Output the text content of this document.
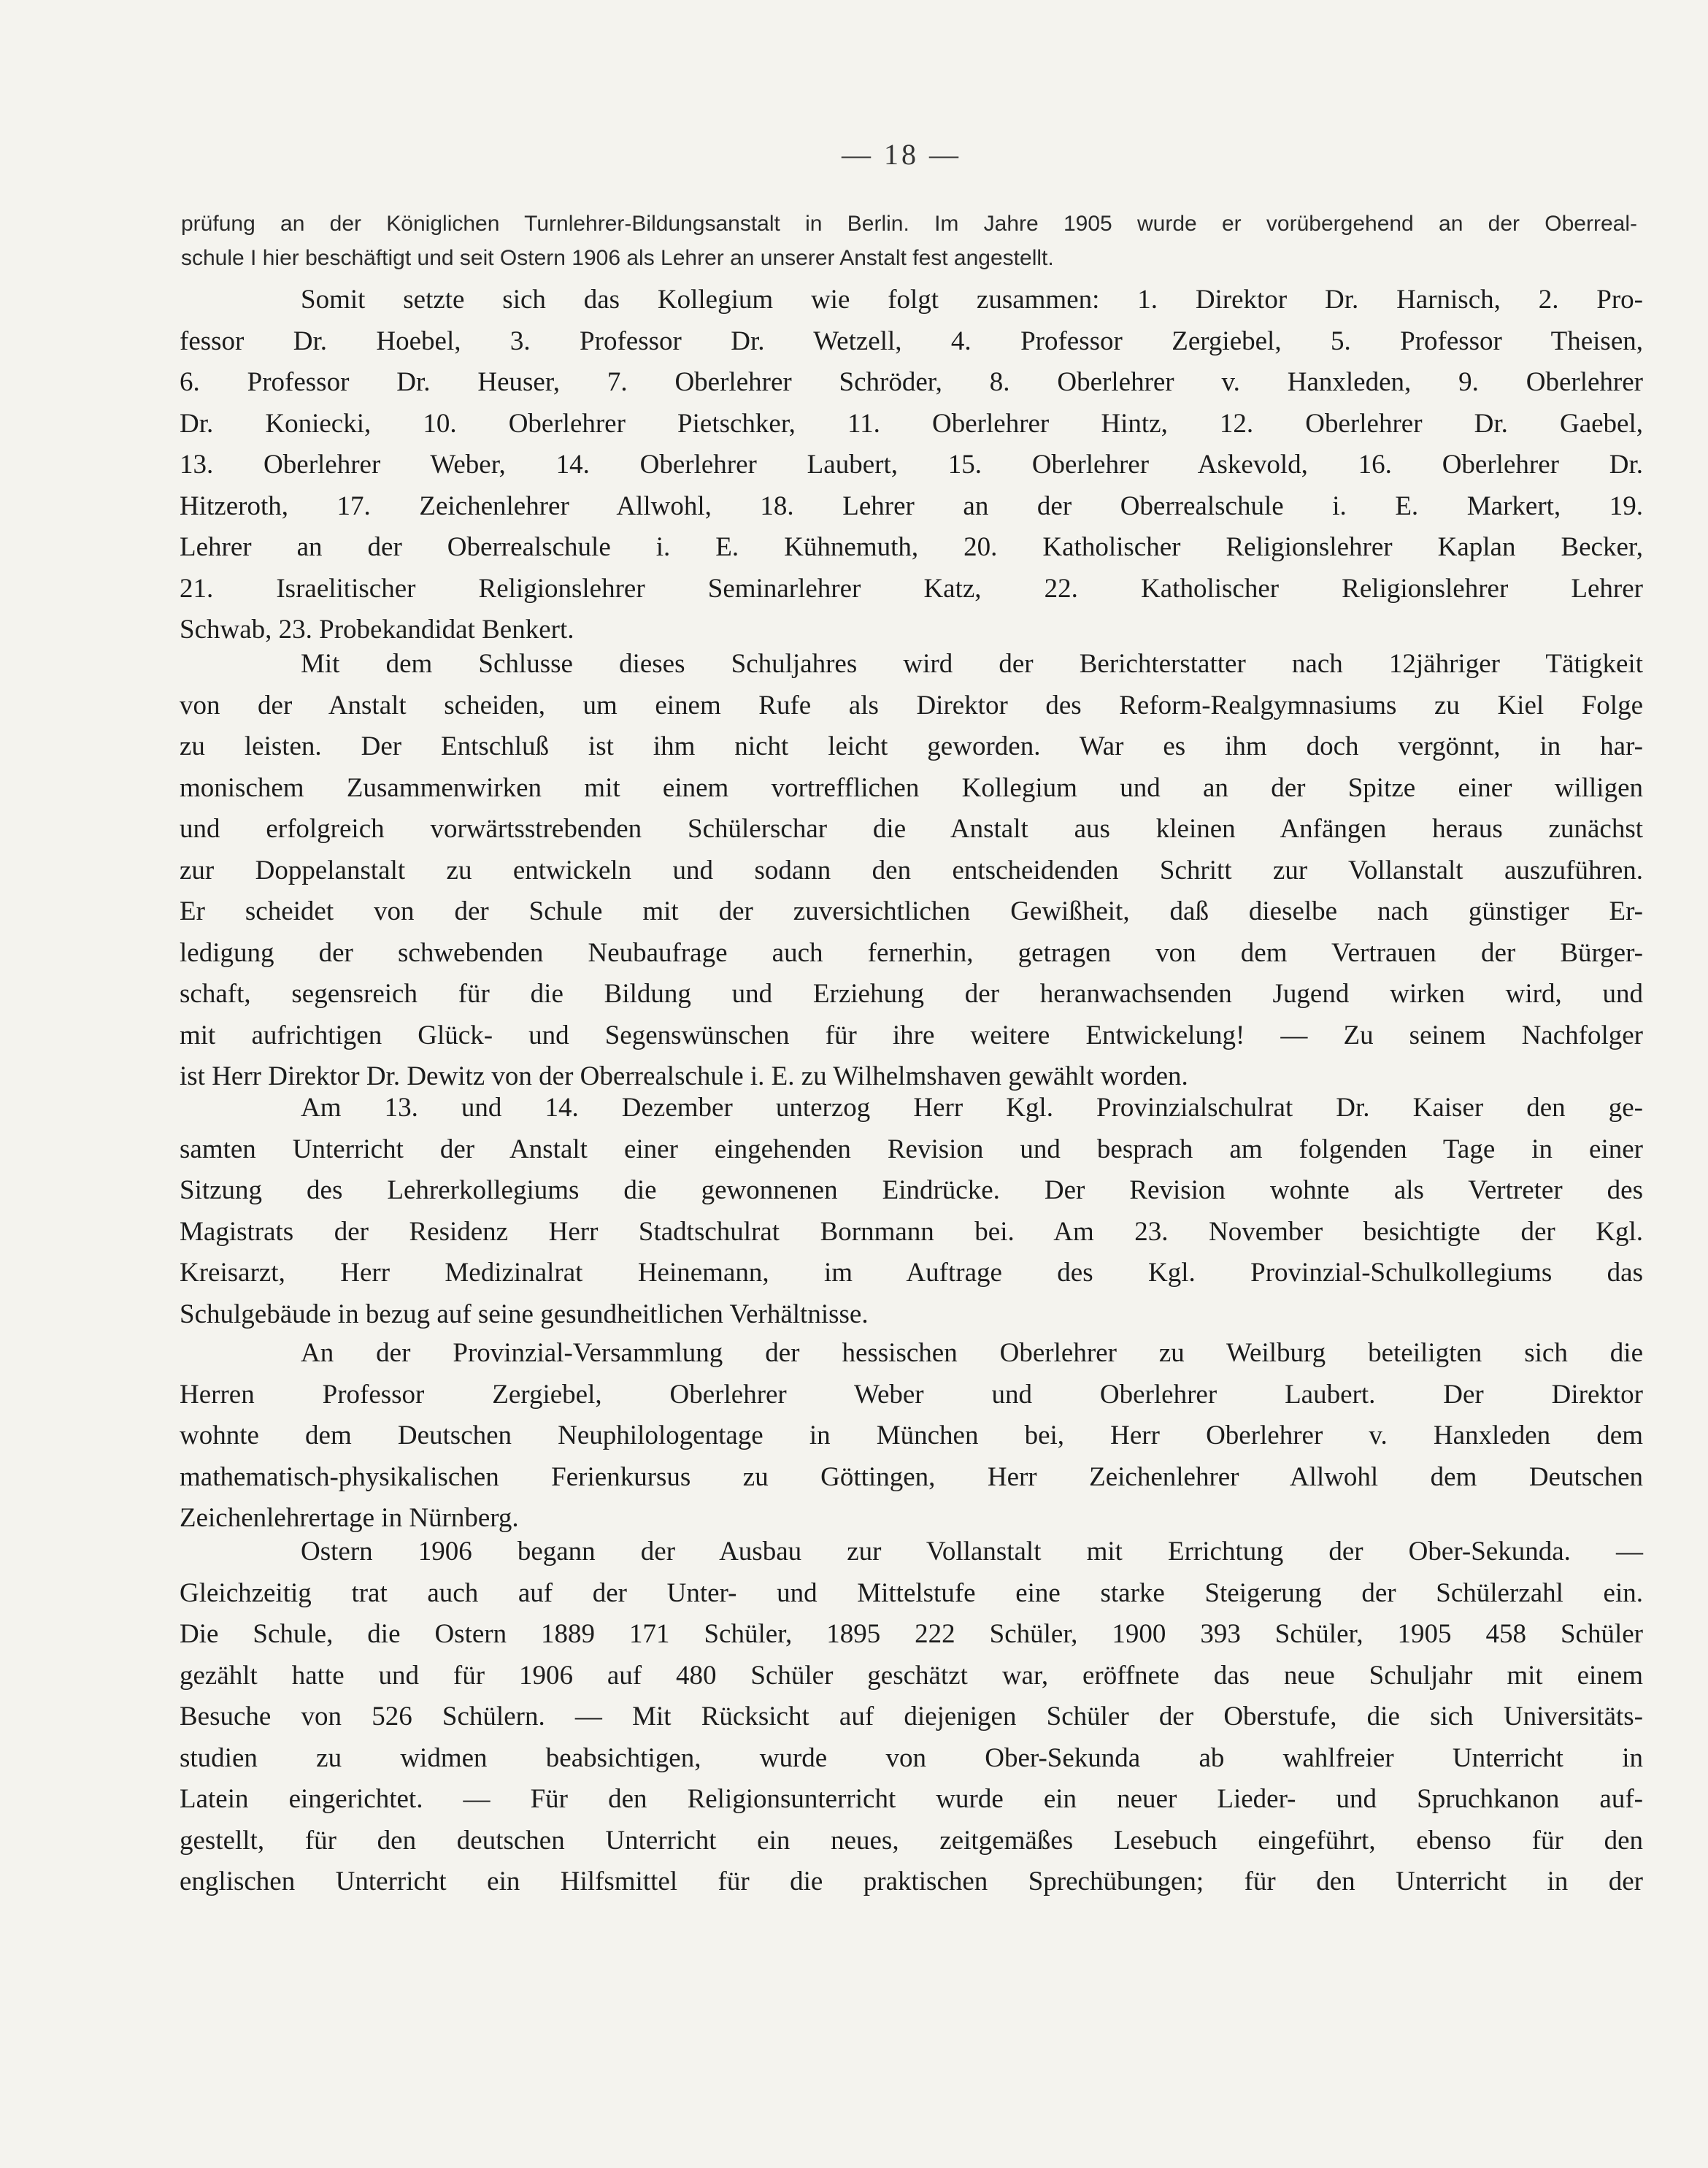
— 18 —
prüfung an der Königlichen Turnlehrer-Bildungsanstalt in Berlin. Im Jahre 1905 wurde er vorübergehend an der Oberreal-
schule I hier beschäftigt und seit Ostern 1906 als Lehrer an unserer Anstalt fest angestellt.
Somit setzte sich das Kollegium wie folgt zusammen: 1. Direktor Dr. Harnisch, 2. Pro-
fessor Dr. Hoebel, 3. Professor Dr. Wetzell, 4. Professor Zergiebel, 5. Professor Theisen,
6. Professor Dr. Heuser, 7. Oberlehrer Schröder, 8. Oberlehrer v. Hanxleden, 9. Oberlehrer
Dr. Koniecki, 10. Oberlehrer Pietschker, 11. Oberlehrer Hintz, 12. Oberlehrer Dr. Gaebel,
13. Oberlehrer Weber, 14. Oberlehrer Laubert, 15. Oberlehrer Askevold, 16. Oberlehrer Dr.
Hitzeroth, 17. Zeichenlehrer Allwohl, 18. Lehrer an der Oberrealschule i. E. Markert, 19.
Lehrer an der Oberrealschule i. E. Kühnemuth, 20. Katholischer Religionslehrer Kaplan Becker,
21. Israelitischer Religionslehrer Seminarlehrer Katz, 22. Katholischer Religionslehrer Lehrer
Schwab, 23. Probekandidat Benkert.
Mit dem Schlusse dieses Schuljahres wird der Berichterstatter nach 12jähriger Tätigkeit
von der Anstalt scheiden, um einem Rufe als Direktor des Reform-Realgymnasiums zu Kiel Folge
zu leisten. Der Entschluß ist ihm nicht leicht geworden. War es ihm doch vergönnt, in har-
monischem Zusammenwirken mit einem vortrefflichen Kollegium und an der Spitze einer willigen
und erfolgreich vorwärtsstrebenden Schülerschar die Anstalt aus kleinen Anfängen heraus zunächst
zur Doppelanstalt zu entwickeln und sodann den entscheidenden Schritt zur Vollanstalt auszuführen.
Er scheidet von der Schule mit der zuversichtlichen Gewißheit, daß dieselbe nach günstiger Er-
ledigung der schwebenden Neubaufrage auch fernerhin, getragen von dem Vertrauen der Bürger-
schaft, segensreich für die Bildung und Erziehung der heranwachsenden Jugend wirken wird, und
mit aufrichtigen Glück- und Segenswünschen für ihre weitere Entwickelung! — Zu seinem Nachfolger
ist Herr Direktor Dr. Dewitz von der Oberrealschule i. E. zu Wilhelmshaven gewählt worden.
Am 13. und 14. Dezember unterzog Herr Kgl. Provinzialschulrat Dr. Kaiser den ge-
samten Unterricht der Anstalt einer eingehenden Revision und besprach am folgenden Tage in einer
Sitzung des Lehrerkollegiums die gewonnenen Eindrücke. Der Revision wohnte als Vertreter des
Magistrats der Residenz Herr Stadtschulrat Bornmann bei. Am 23. November besichtigte der Kgl.
Kreisarzt, Herr Medizinalrat Heinemann, im Auftrage des Kgl. Provinzial-Schulkollegiums das
Schulgebäude in bezug auf seine gesundheitlichen Verhältnisse.
An der Provinzial-Versammlung der hessischen Oberlehrer zu Weilburg beteiligten sich die
Herren Professor Zergiebel, Oberlehrer Weber und Oberlehrer Laubert. Der Direktor
wohnte dem Deutschen Neuphilologentage in München bei, Herr Oberlehrer v. Hanxleden dem
mathematisch-physikalischen Ferienkursus zu Göttingen, Herr Zeichenlehrer Allwohl dem Deutschen
Zeichenlehrertage in Nürnberg.
Ostern 1906 begann der Ausbau zur Vollanstalt mit Errichtung der Ober-Sekunda. —
Gleichzeitig trat auch auf der Unter- und Mittelstufe eine starke Steigerung der Schülerzahl ein.
Die Schule, die Ostern 1889 171 Schüler, 1895 222 Schüler, 1900 393 Schüler, 1905 458 Schüler
gezählt hatte und für 1906 auf 480 Schüler geschätzt war, eröffnete das neue Schuljahr mit einem
Besuche von 526 Schülern. — Mit Rücksicht auf diejenigen Schüler der Oberstufe, die sich Universitäts-
studien zu widmen beabsichtigen, wurde von Ober-Sekunda ab wahlfreier Unterricht in
Latein eingerichtet. — Für den Religionsunterricht wurde ein neuer Lieder- und Spruchkanon auf-
gestellt, für den deutschen Unterricht ein neues, zeitgemäßes Lesebuch eingeführt, ebenso für den
englischen Unterricht ein Hilfsmittel für die praktischen Sprechübungen; für den Unterricht in der
